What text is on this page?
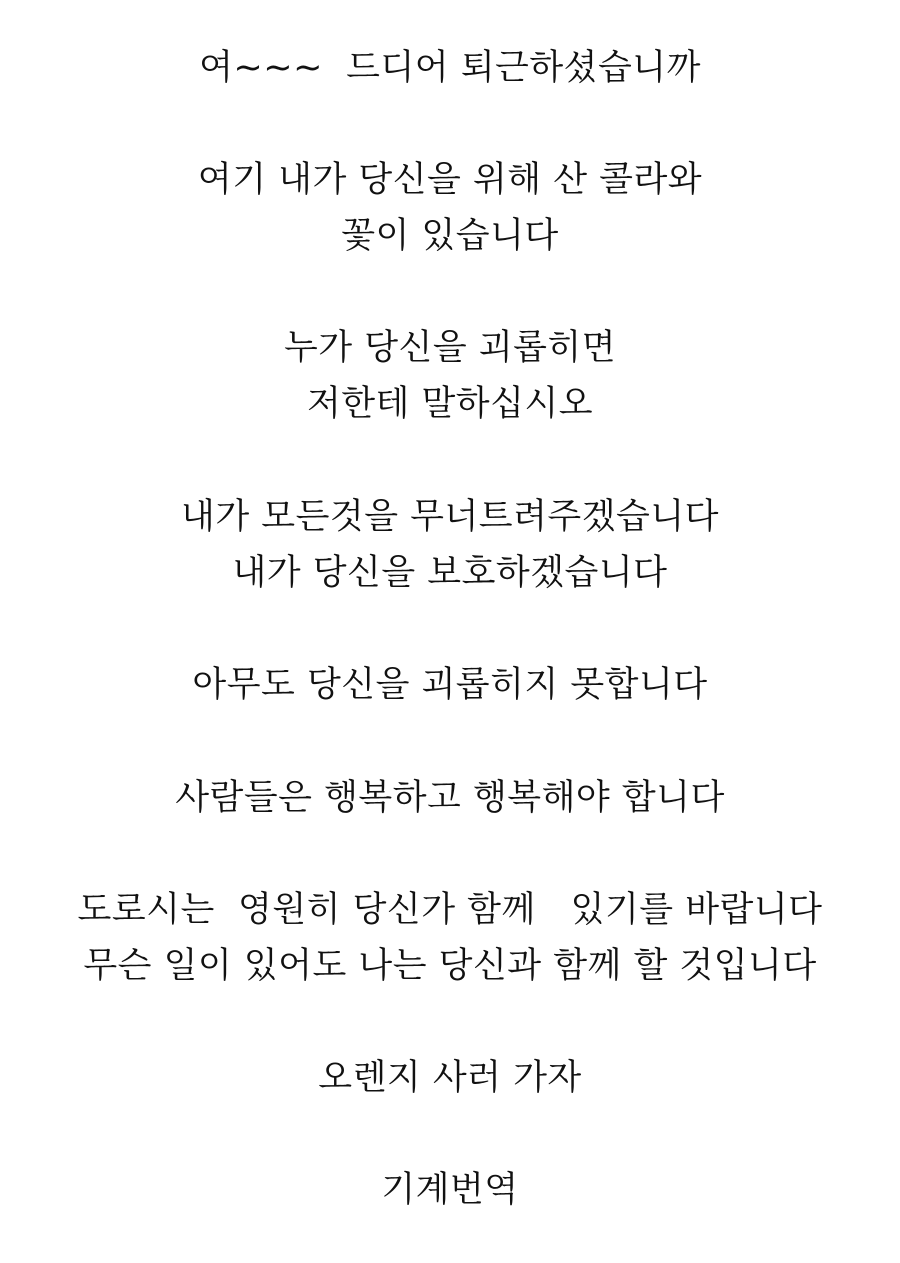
여~~~  드디어 퇴근하셨습니까
여기 내가 당신을 위해 산 콜라와
꽃이 있습니다
누가 당신을 괴롭히면
저한테 말하십시오
내가 모든것을 무너트려주겠습니다
내가 당신을 보호하겠습니다
아무도 당신을 괴롭히지 못합니다
사람들은 행복하고 행복해야 합니다
도로시는  영원히 당신가 함께   있기를 바랍니다
무슨 일이 있어도 나는 당신과 함께 할 것입니다
오렌지 사러 가자
기계번역
